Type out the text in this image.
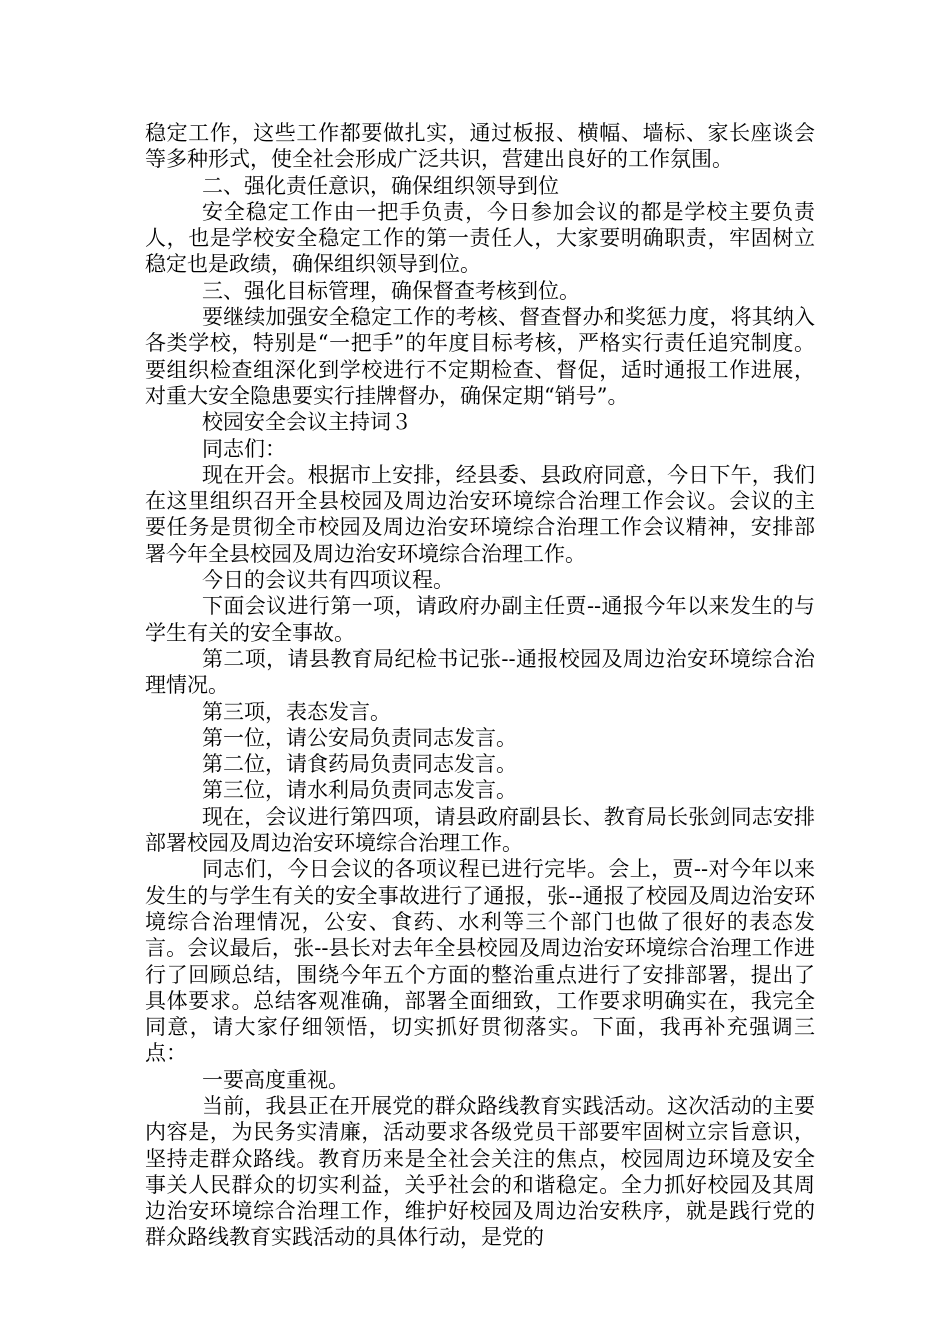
稳定工作，这些工作都要做扎实，通过板报、横幅、墙标、家长座谈会等多种形式，使全社会形成广泛共识，营建出良好的工作氛围。

二、强化责任意识，确保组织领导到位

安全稳定工作由一把手负责，今日参加会议的都是学校主要负责人，也是学校安全稳定工作的第一责任人，大家要明确职责，牢固树立稳定也是政绩，确保组织领导到位。

三、强化目标管理，确保督查考核到位。

要继续加强安全稳定工作的考核、督查督办和奖惩力度，将其纳入各类学校，特别是“一把手”的年度目标考核，严格实行责任追究制度。要组织检查组深化到学校进行不定期检查、督促，适时通报工作进展，对重大安全隐患要实行挂牌督办，确保定期“销号”。

校园安全会议主持词３

同志们：

现在开会。根据市上安排，经县委、县政府同意，今日下午，我们在这里组织召开全县校园及周边治安环境综合治理工作会议。会议的主要任务是贯彻全市校园及周边治安环境综合治理工作会议精神，安排部署今年全县校园及周边治安环境综合治理工作。

今日的会议共有四项议程。

下面会议进行第一项，请政府办副主任贾--通报今年以来发生的与学生有关的安全事故。

第二项，请县教育局纪检书记张--通报校园及周边治安环境综合治理情况。

第三项，表态发言。

第一位，请公安局负责同志发言。

第二位，请食药局负责同志发言。

第三位，请水利局负责同志发言。

现在，会议进行第四项，请县政府副县长、教育局长张剑同志安排部署校园及周边治安环境综合治理工作。

同志们，今日会议的各项议程已进行完毕。会上，贾--对今年以来发生的与学生有关的安全事故进行了通报，张--通报了校园及周边治安环境综合治理情况，公安、食药、水利等三个部门也做了很好的表态发言。会议最后，张--县长对去年全县校园及周边治安环境综合治理工作进行了回顾总结，围绕今年五个方面的整治重点进行了安排部署，提出了具体要求。总结客观准确，部署全面细致，工作要求明确实在，我完全同意，请大家仔细领悟，切实抓好贯彻落实。下面，我再补充强调三点：

一要高度重视。

当前，我县正在开展党的群众路线教育实践活动。这次活动的主要内容是，为民务实清廉，活动要求各级党员干部要牢固树立宗旨意识，坚持走群众路线。教育历来是全社会关注的焦点，校园周边环境及安全事关人民群众的切实利益，关乎社会的和谐稳定。全力抓好校园及其周边治安环境综合治理工作，维护好校园及周边治安秩序，就是践行党的群众路线教育实践活动的具体行动，是党的
